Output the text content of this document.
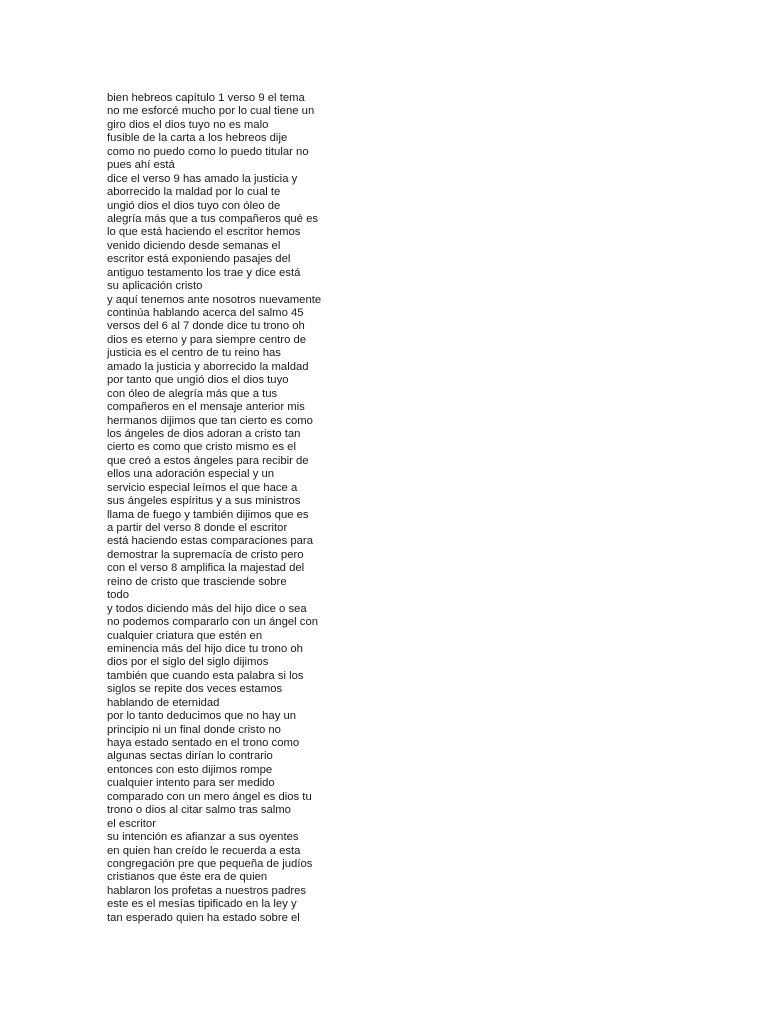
bien hebreos capítulo 1 verso 9 el tema
no me esforcé mucho por lo cual tiene un
giro dios el dios tuyo no es malo
fusible de la carta a los hebreos dije
como no puedo como lo puedo titular no
pues ahí está
dice el verso 9 has amado la justicia y
aborrecido la maldad por lo cual te
ungió dios el dios tuyo con óleo de
alegría más que a tus compañeros qué es
lo que está haciendo el escritor hemos
venido diciendo desde semanas el
escritor está exponiendo pasajes del
antiguo testamento los trae y dice está
su aplicación cristo
y aquí tenemos ante nosotros nuevamente
continúa hablando acerca del salmo 45
versos del 6 al 7 donde dice tu trono oh
dios es eterno y para siempre centro de
justicia es el centro de tu reino has
amado la justicia y aborrecido la maldad
por tanto que ungió dios el dios tuyo
con óleo de alegría más que a tus
compañeros en el mensaje anterior mis
hermanos dijimos que tan cierto es como
los ángeles de dios adoran a cristo tan
cierto es como que cristo mismo es el
que creó a estos ángeles para recibir de
ellos una adoración especial y un
servicio especial leímos el que hace a
sus ángeles espíritus y a sus ministros
llama de fuego y también dijimos que es
a partir del verso 8 donde el escritor
está haciendo estas comparaciones para
demostrar la supremacía de cristo pero
con el verso 8 amplifica la majestad del
reino de cristo que trasciende sobre
todo
y todos diciendo más del hijo dice o sea
no podemos compararlo con un ángel con
cualquier criatura que estén en
eminencia más del hijo dice tu trono oh
dios por el siglo del siglo dijimos
también que cuando esta palabra si los
siglos se repite dos veces estamos
hablando de eternidad
por lo tanto deducimos que no hay un
principio ni un final donde cristo no
haya estado sentado en el trono como
algunas sectas dirían lo contrario
entonces con esto dijimos rompe
cualquier intento para ser medido
comparado con un mero ángel es dios tu
trono o dios al citar salmo tras salmo
el escritor
su intención es afianzar a sus oyentes
en quien han creído le recuerda a esta
congregación pre que pequeña de judíos
cristianos que éste era de quien
hablaron los profetas a nuestros padres
este es el mesías tipificado en la ley y
tan esperado quien ha estado sobre el
